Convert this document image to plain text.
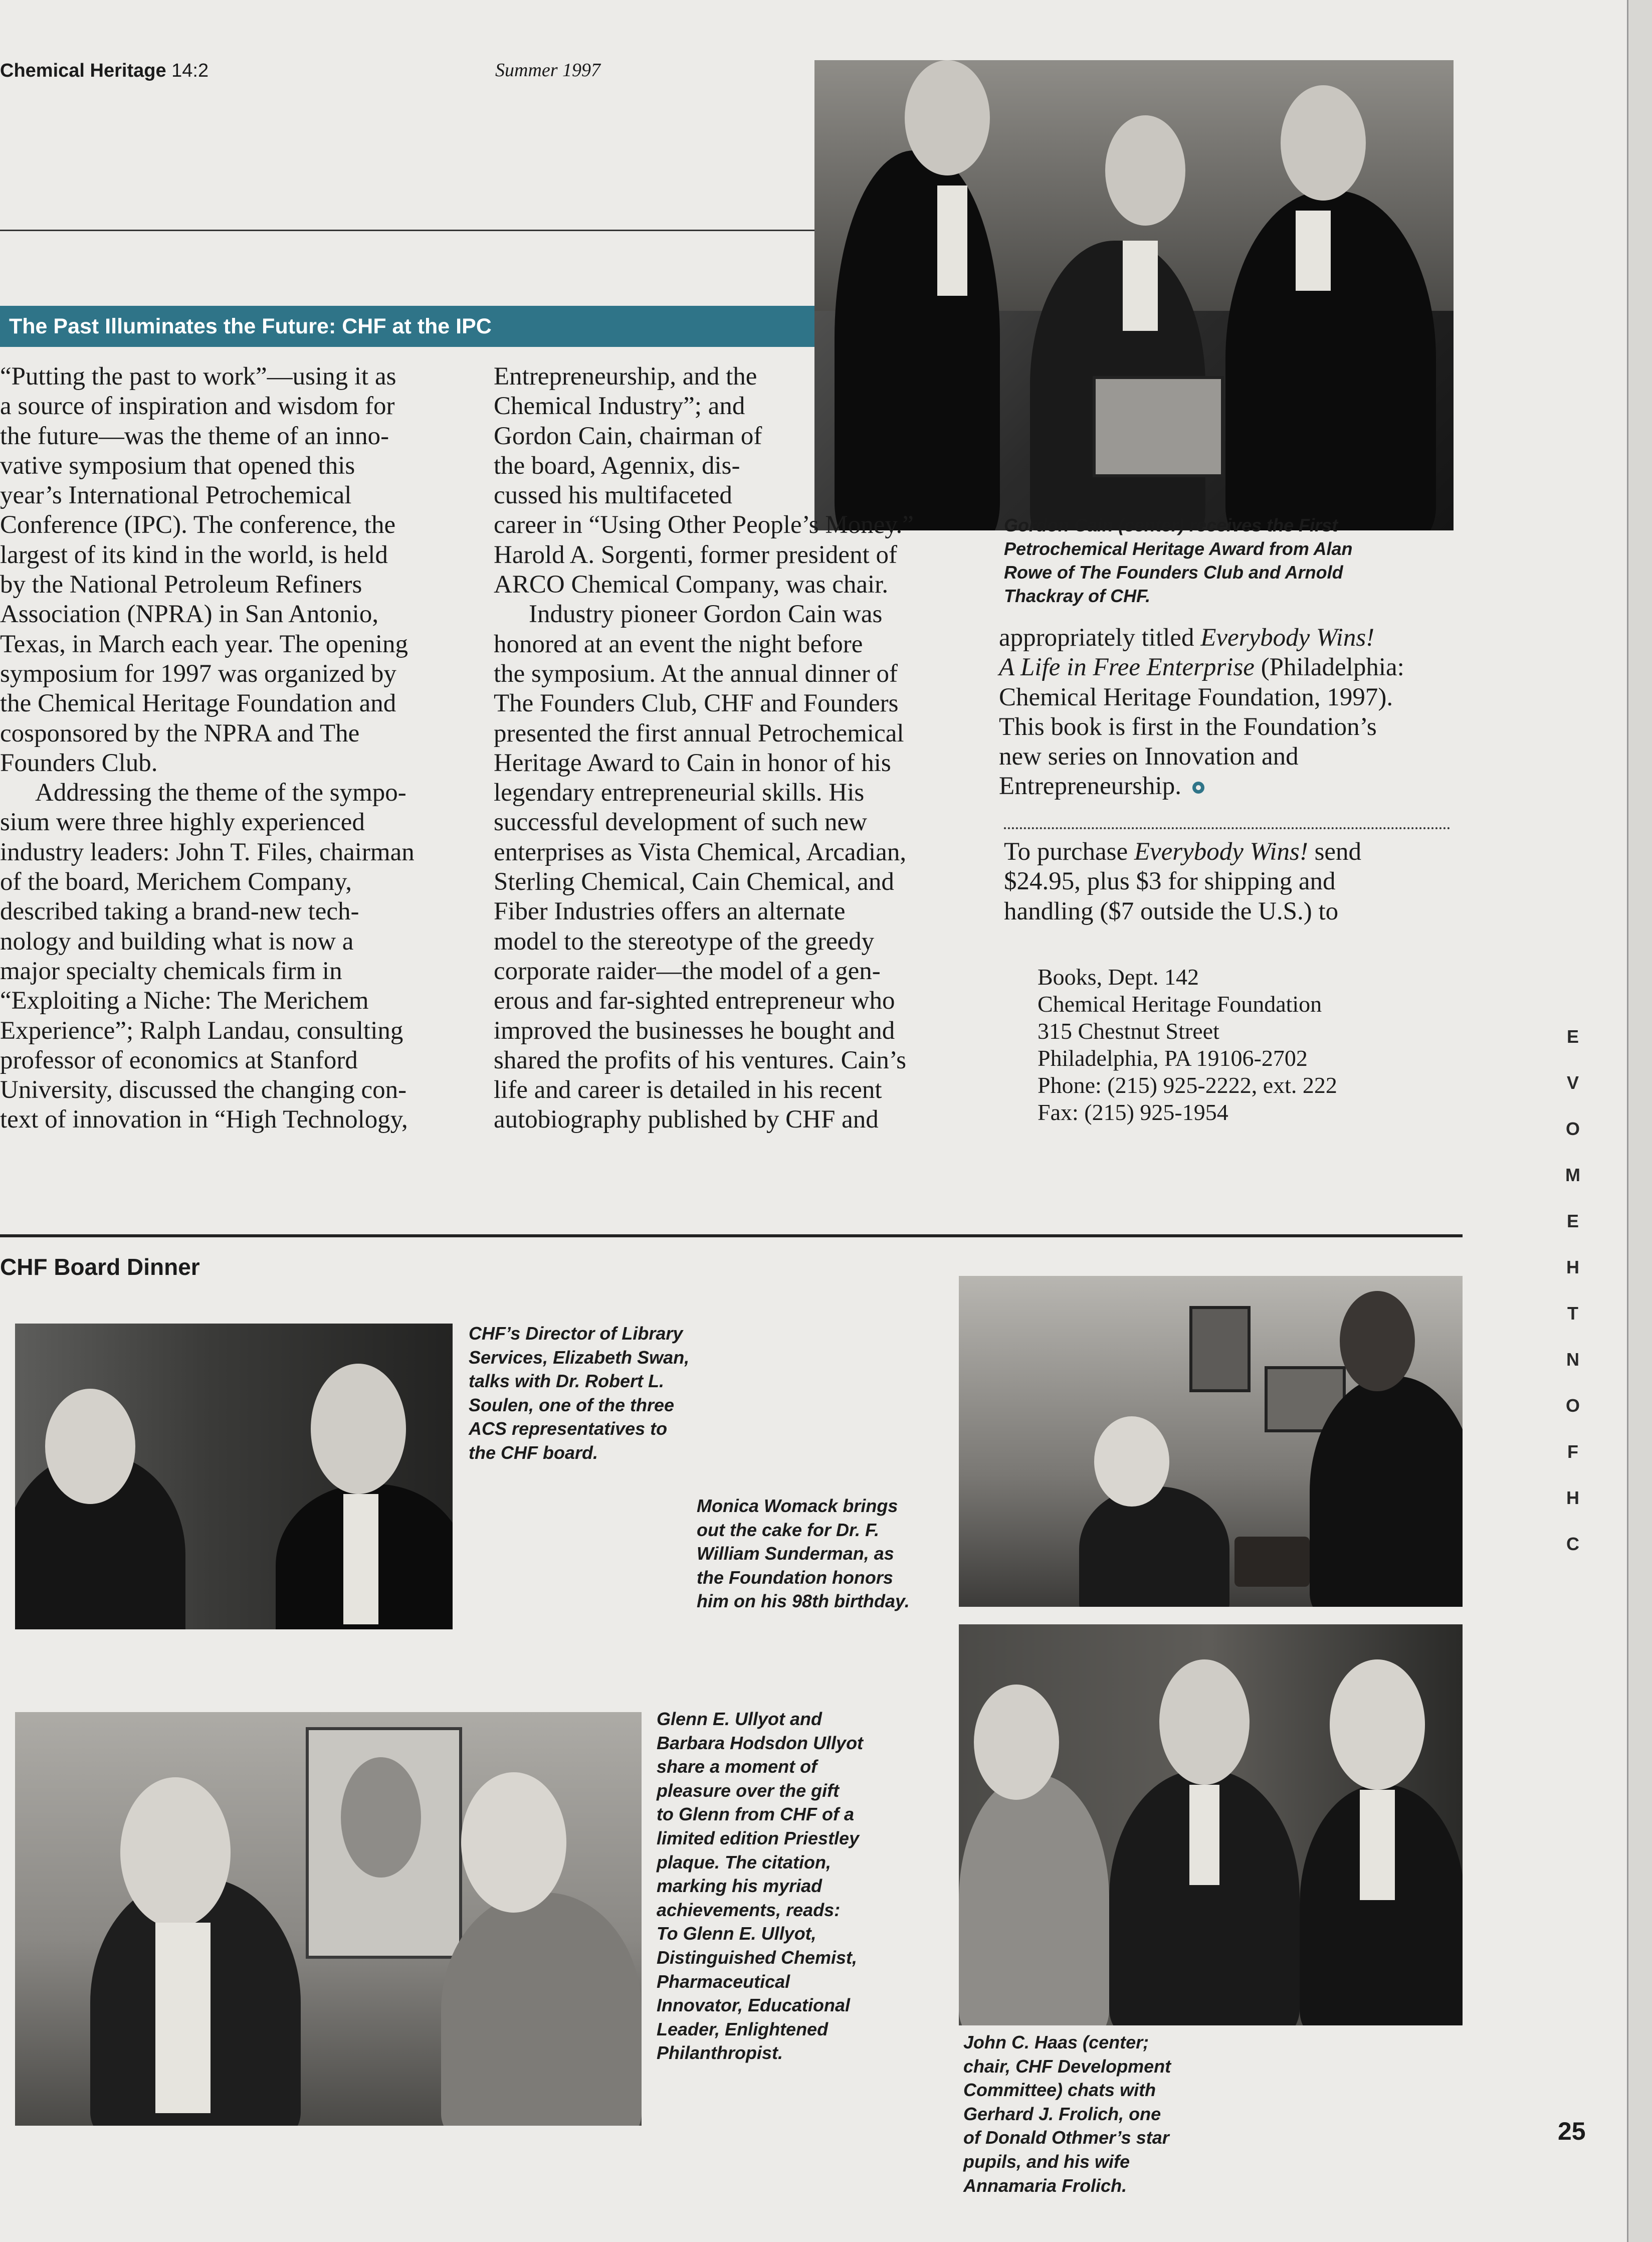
Chemical Heritage 14:2	Summer 1997
The Past Illuminates the Future: CHF at the IPC

“Putting the past to work”—using it as

a source of inspiration and wisdom for

the future—was the theme of an inno-

vative symposium that opened this

year’s International Petrochemical

Conference (IPC). The conference, the

largest of its kind in the world, is held

by the National Petroleum Refiners

Association (NPRA) in San Antonio,

Texas, in March each year. The opening

symposium for 1997 was organized by

the Chemical Heritage Foundation and

cosponsored by the NPRA and The

Founders Club.

Addressing the theme of the sympo-

sium were three highly experienced

industry leaders: John T. Files, chairman

of the board, Merichem Company,

described taking a brand-new tech-

nology and building what is now a

major specialty chemicals firm in

“Exploiting a Niche: The Merichem

Experience”; Ralph Landau, consulting

professor of economics at Stanford

University, discussed the changing con-

text of innovation in “High Technology,

Entrepreneurship, and the

Chemical Industry”; and

Gordon Cain, chairman of

the board, Agennix, dis-

cussed his multifaceted

career in “Using Other People’s Money.”

Harold A. Sorgenti, former president of

ARCO Chemical Company, was chair.

Industry pioneer Gordon Cain was

honored at an event the night before

the symposium. At the annual dinner of

The Founders Club, CHF and Founders

presented the first annual Petrochemical

Heritage Award to Cain in honor of his

legendary entrepreneurial skills. His

successful development of such new

enterprises as Vista Chemical, Arcadian,

Sterling Chemical, Cain Chemical, and

Fiber Industries offers an alternate

model to the stereotype of the greedy

corporate raider—the model of a gen-

erous and far-sighted entrepreneur who

improved the businesses he bought and

shared the profits of his ventures. Cain’s

life and career is detailed in his recent

autobiography published by CHF and

Gordon Cain (center) receives the First
Petrochemical Heritage Award from Alan
Rowe of The Founders Club and Arnold
Thackray of CHF.

appropriately titled Everybody Wins!

A Life in Free Enterprise (Philadelphia:

Chemical Heritage Foundation, 1997).

This book is first in the Foundation’s

new series on Innovation and

Entrepreneurship.

To purchase Everybody Wins! send

$24.95, plus $3 for shipping and

handling ($7 outside the U.S.) to

Books, Dept. 142
Chemical Heritage Foundation
315 Chestnut Street
Philadelphia, PA 19106-2702
Phone: (215) 925-2222, ext. 222
Fax: (215) 925-1954
CHF Board Dinner
CHF’s Director of Library
Services, Elizabeth Swan,
talks with Dr. Robert L.
Soulen, one of the three
ACS representatives to
the CHF board.
Monica Womack brings
out the cake for Dr. F.
William Sunderman, as
the Foundation honors
him on his 98th birthday.
Glenn E. Ullyot and
Barbara Hodsdon Ullyot
share a moment of
pleasure over the gift
to Glenn from CHF of a
limited edition Priestley
plaque. The citation,
marking his myriad
achievements, reads:
To Glenn E. Ullyot,
Distinguished Chemist,
Pharmaceutical
Innovator, Educational
Leader, Enlightened
Philanthropist.
John C. Haas (center;
chair, CHF Development
Committee) chats with
Gerhard J. Frolich, one
of Donald Othmer’s star
pupils, and his wife
Annamaria Frolich.
E
V
O
M
E
H
T
N
O
F
H
C
25
